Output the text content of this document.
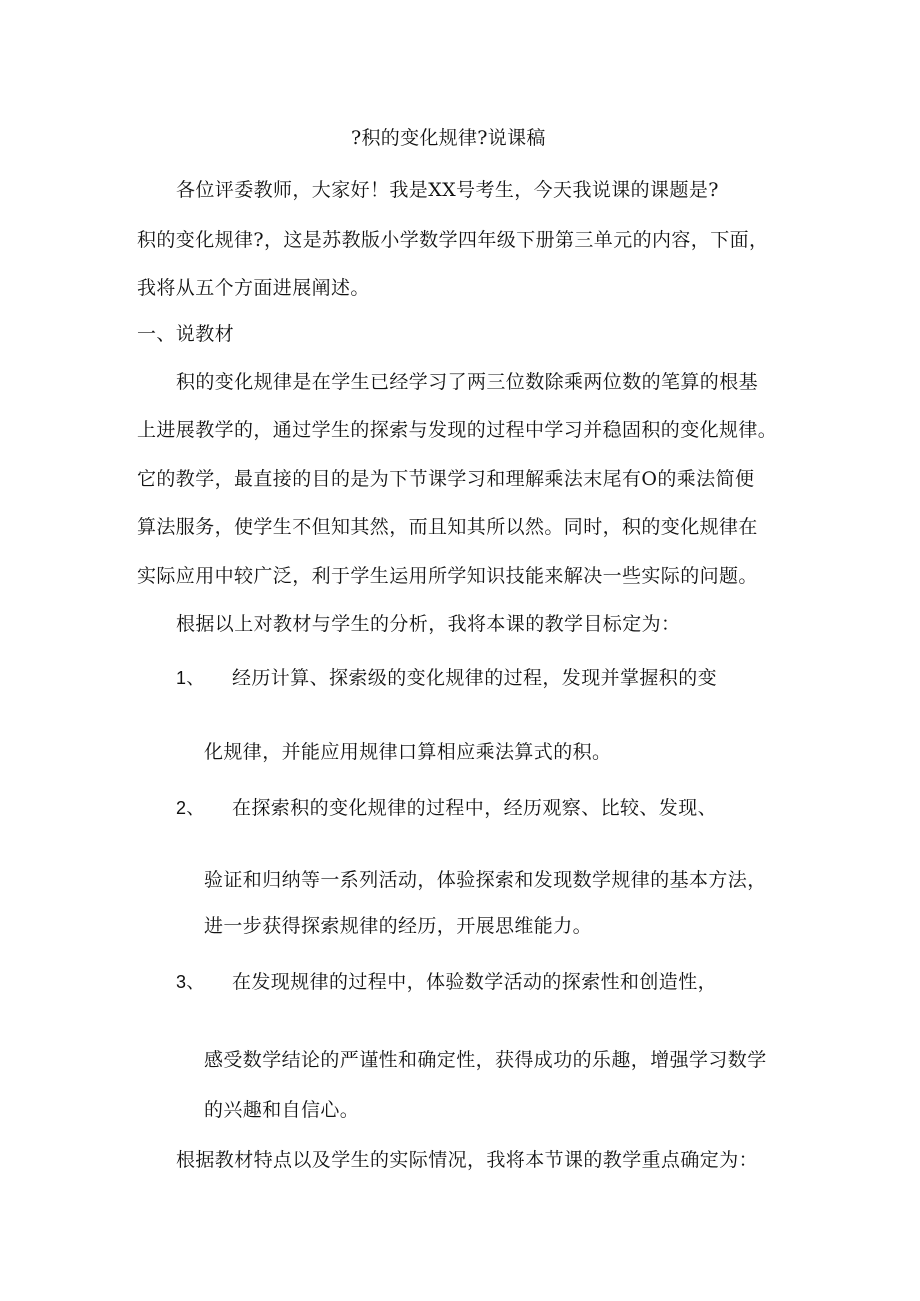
?积的变化规律?说课稿
各位评委教师，大家好！我是XX号考生，今天我说课的课题是?
积的变化规律?，这是苏教版小学数学四年级下册第三单元的内容，下面，
我将从五个方面进展阐述。
一、说教材
积的变化规律是在学生已经学习了两三位数除乘两位数的笔算的根基
上进展教学的，通过学生的探索与发现的过程中学习并稳固积的变化规律。
它的教学，最直接的目的是为下节课学习和理解乘法末尾有O的乘法简便
算法服务，使学生不但知其然，而且知其所以然。同时，积的变化规律在
实际应用中较广泛，利于学生运用所学知识技能来解决一些实际的问题。
根据以上对教材与学生的分析，我将本课的教学目标定为：
1、 经历计算、探索级的变化规律的过程，发现并掌握积的变
化规律，并能应用规律口算相应乘法算式的积。
2、 在探索积的变化规律的过程中，经历观察、比较、发现、
验证和归纳等一系列活动，体验探索和发现数学规律的基本方法，
进一步获得探索规律的经历，开展思维能力。
3、 在发现规律的过程中，体验数学活动的探索性和创造性，
感受数学结论的严谨性和确定性，获得成功的乐趣，增强学习数学
的兴趣和自信心。
根据教材特点以及学生的实际情况，我将本节课的教学重点确定为：
